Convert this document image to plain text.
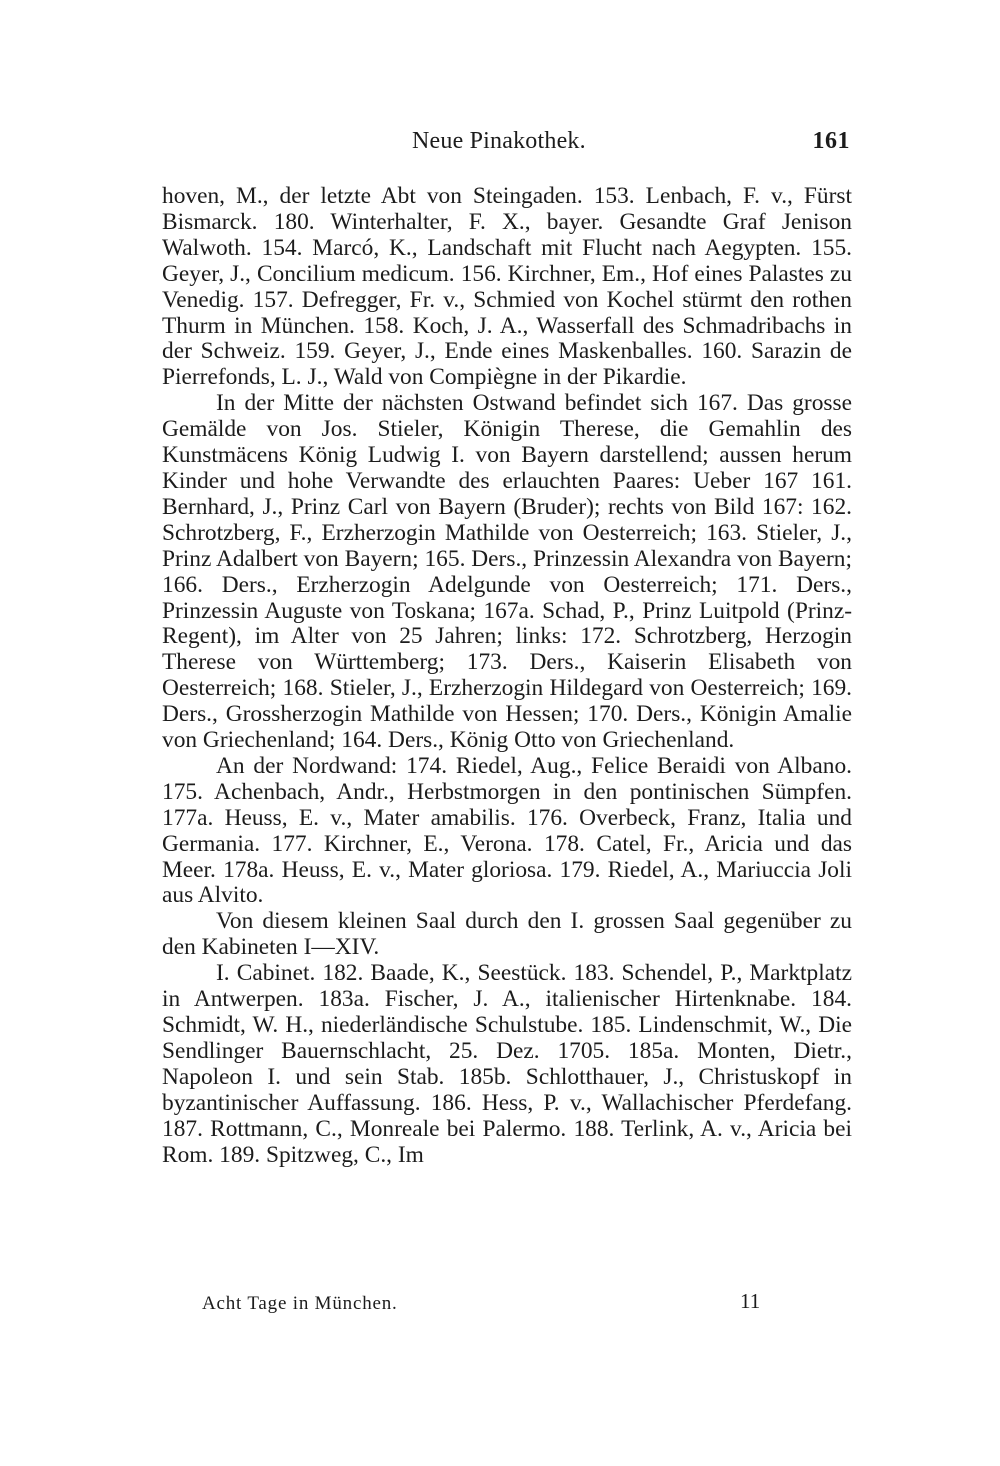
Neue Pinakothek.	161

hoven, M., der letzte Abt von Steingaden. 153. Lenbach, F. v., Fürst Bismarck. 180. Winterhalter, F. X., bayer. Gesandte Graf Jenison Walwoth. 154. Marcó, K., Landschaft mit Flucht nach Aegypten. 155. Geyer, J., Concilium medicum. 156. Kirchner, Em., Hof eines Palastes zu Venedig. 157. Defregger, Fr. v., Schmied von Kochel stürmt den rothen Thurm in München. 158. Koch, J. A., Wasserfall des Schmadribachs in der Schweiz. 159. Geyer, J., Ende eines Maskenballes. 160. Sarazin de Pierrefonds, L. J., Wald von Compiègne in der Pikardie.

In der Mitte der nächsten Ostwand befindet sich 167. Das grosse Gemälde von Jos. Stieler, Königin Therese, die Gemahlin des Kunstmäcens König Ludwig I. von Bayern darstellend; aussen herum Kinder und hohe Verwandte des erlauchten Paares: Ueber 167 161. Bernhard, J., Prinz Carl von Bayern (Bruder); rechts von Bild 167: 162. Schrotzberg, F., Erzherzogin Mathilde von Oesterreich; 163. Stieler, J., Prinz Adalbert von Bayern; 165. Ders., Prinzessin Alexandra von Bayern; 166. Ders., Erzherzogin Adelgunde von Oesterreich; 171. Ders., Prinzessin Auguste von Toskana; 167a. Schad, P., Prinz Luitpold (Prinz-Regent), im Alter von 25 Jahren; links: 172. Schrotzberg, Herzogin Therese von Württemberg; 173. Ders., Kaiserin Elisabeth von Oesterreich; 168. Stieler, J., Erzherzogin Hildegard von Oesterreich; 169. Ders., Grossherzogin Mathilde von Hessen; 170. Ders., Königin Amalie von Griechenland; 164. Ders., König Otto von Griechenland.

An der Nordwand: 174. Riedel, Aug., Felice Beraidi von Albano. 175. Achenbach, Andr., Herbstmorgen in den pontinischen Sümpfen. 177a. Heuss, E. v., Mater amabilis. 176. Overbeck, Franz, Italia und Germania. 177. Kirchner, E., Verona. 178. Catel, Fr., Aricia und das Meer. 178a. Heuss, E. v., Mater gloriosa. 179. Riedel, A., Mariuccia Joli aus Alvito.

Von diesem kleinen Saal durch den I. grossen Saal gegenüber zu den Kabineten I—XIV.

I. Cabinet. 182. Baade, K., Seestück. 183. Schendel, P., Marktplatz in Antwerpen. 183a. Fischer, J. A., italienischer Hirtenknabe. 184. Schmidt, W. H., niederländische Schulstube. 185. Lindenschmit, W., Die Sendlinger Bauernschlacht, 25. Dez. 1705. 185a. Monten, Dietr., Napoleon I. und sein Stab. 185b. Schlotthauer, J., Christuskopf in byzantinischer Auffassung. 186. Hess, P. v., Wallachischer Pferdefang. 187. Rottmann, C., Monreale bei Palermo. 188. Terlink, A. v., Aricia bei Rom. 189. Spitzweg, C., Im

Acht Tage in München.	11
